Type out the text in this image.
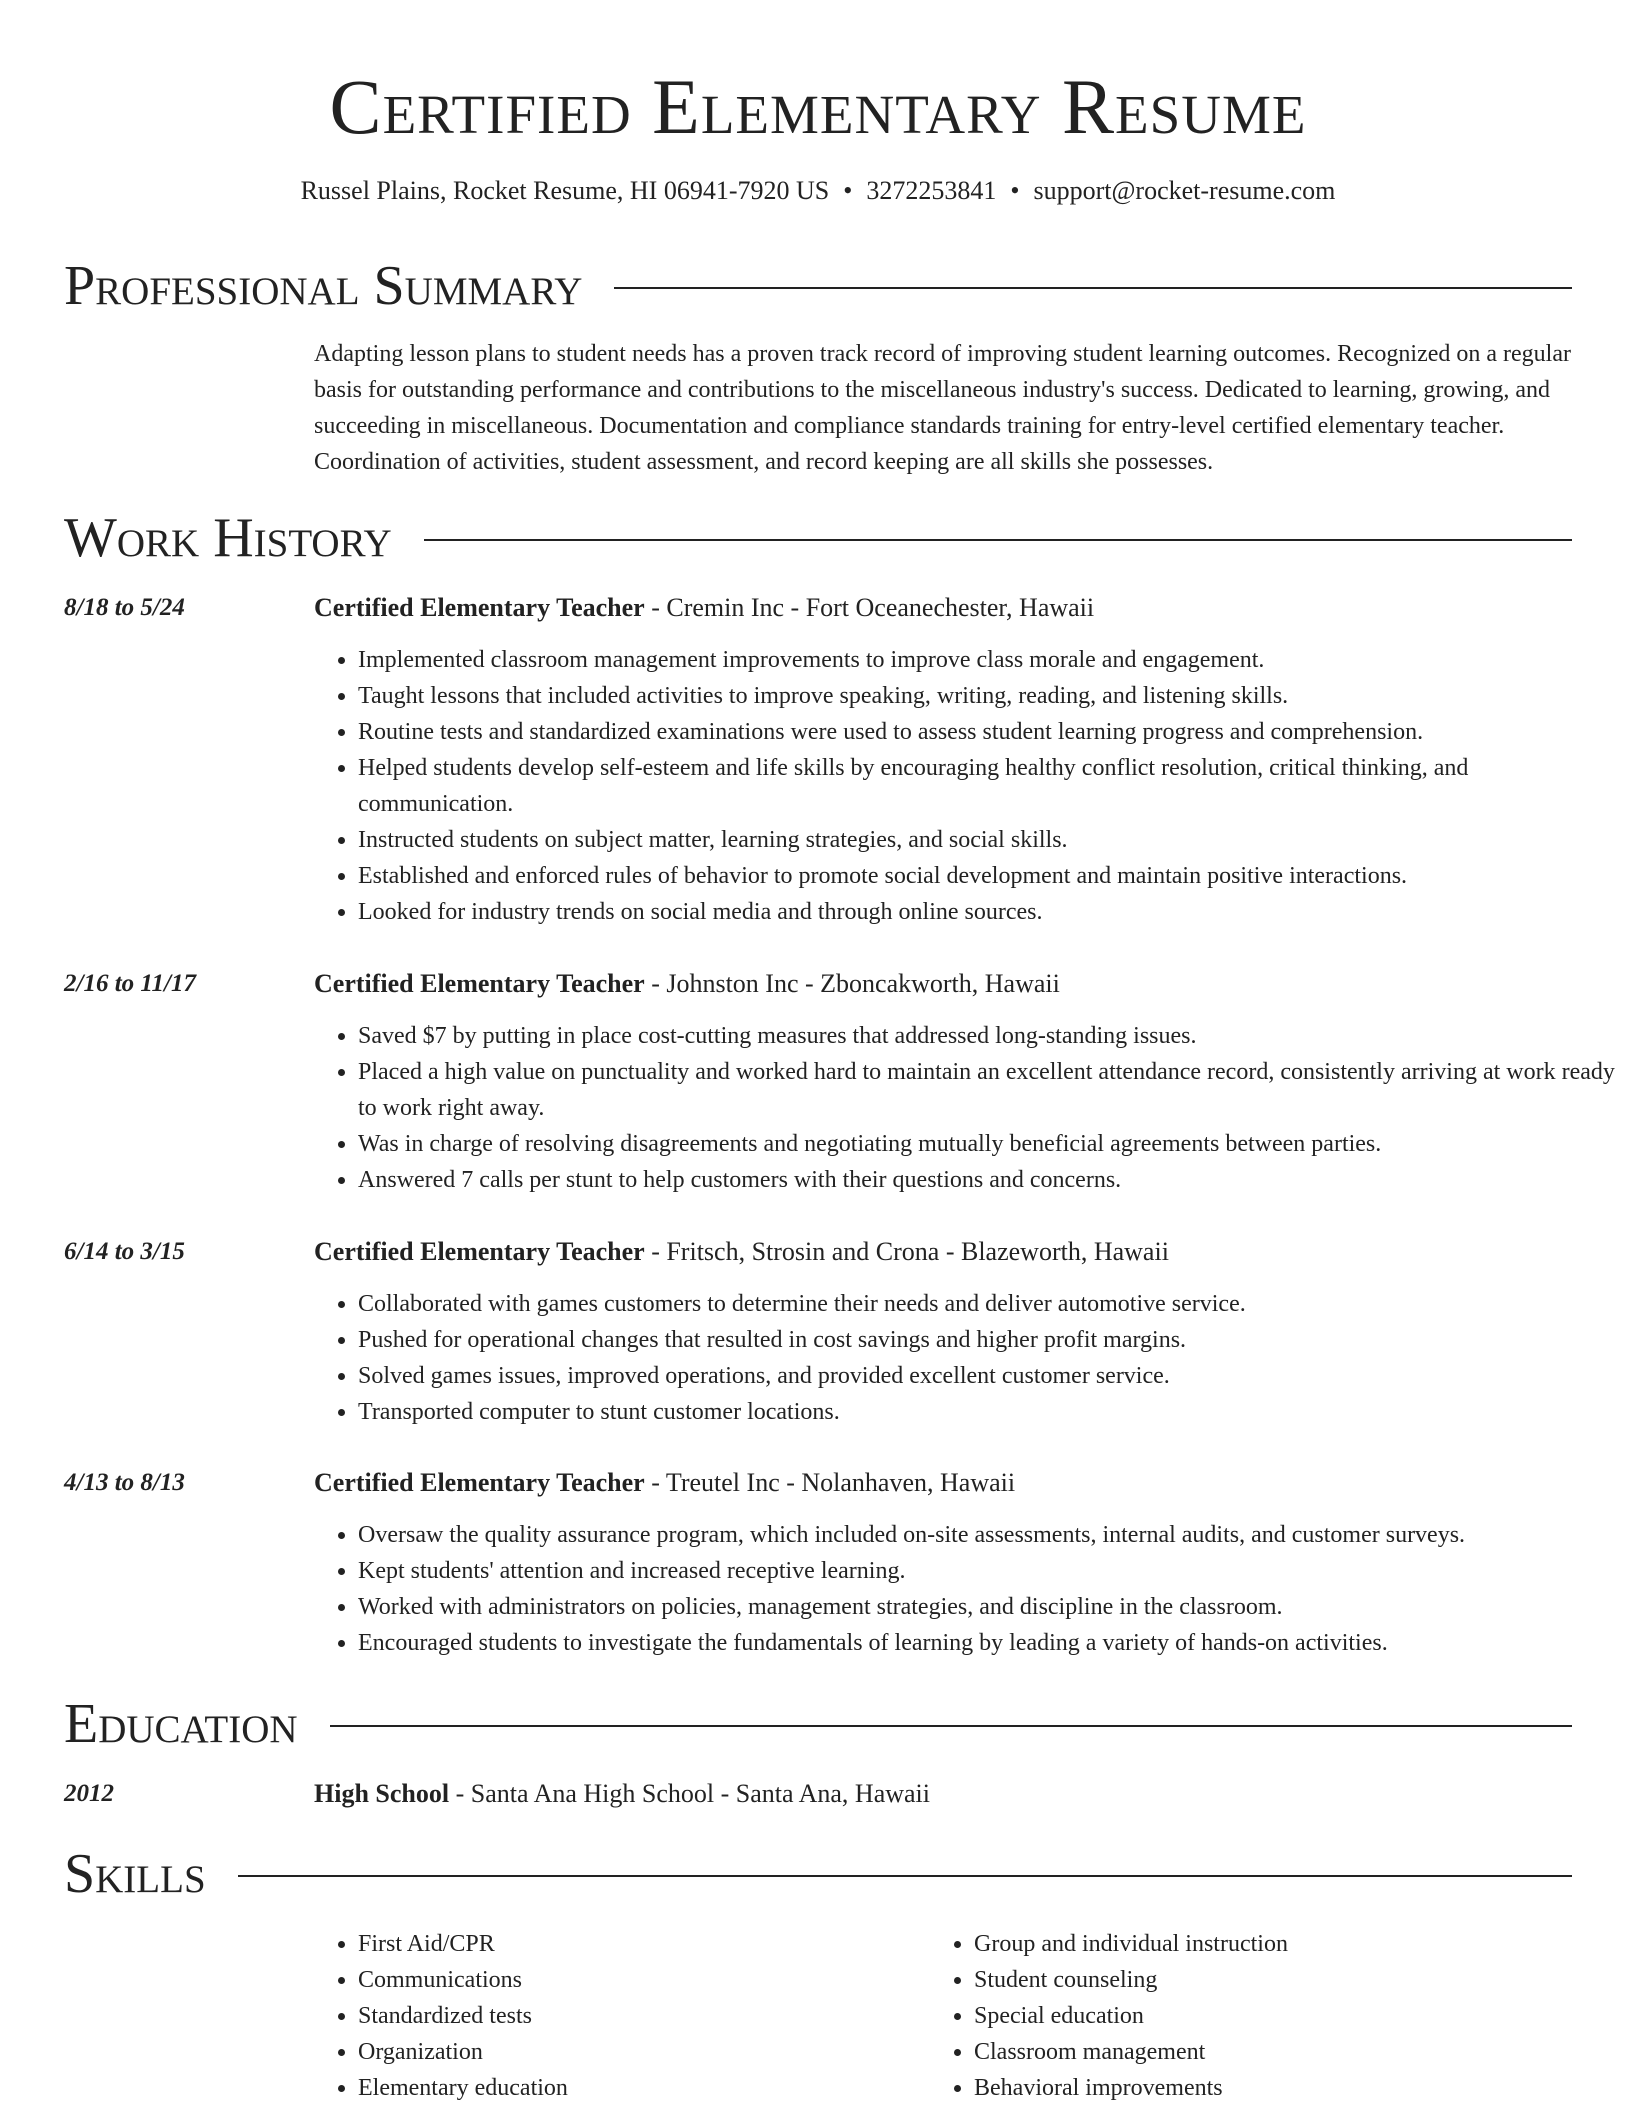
Certified Elementary Resume
Russel Plains, Rocket Resume, HI 06941-7920 US • 3272253841 • support@rocket-resume.com
Professional Summary

Adapting lesson plans to student needs has a proven track record of improving student learning outcomes. Recognized on a regular basis for outstanding performance and contributions to the miscellaneous industry's success. Dedicated to learning, growing, and succeeding in miscellaneous. Documentation and compliance standards training for entry-level certified elementary teacher. Coordination of activities, student assessment, and record keeping are all skills she possesses.

Work History
8/18 to 5/24	Certified Elementary Teacher - Cremin Inc - Fort Oceanechester, Hawaii
• Implemented classroom management improvements to improve class morale and engagement.
• Taught lessons that included activities to improve speaking, writing, reading, and listening skills.
• Routine tests and standardized examinations were used to assess student learning progress and comprehension.
• Helped students develop self-esteem and life skills by encouraging healthy conflict resolution, critical thinking, and communication.
• Instructed students on subject matter, learning strategies, and social skills.
• Established and enforced rules of behavior to promote social development and maintain positive interactions.
• Looked for industry trends on social media and through online sources.
2/16 to 11/17	Certified Elementary Teacher - Johnston Inc - Zboncakworth, Hawaii
• Saved $7 by putting in place cost-cutting measures that addressed long-standing issues.
• Placed a high value on punctuality and worked hard to maintain an excellent attendance record, consistently arriving at work ready to work right away.
• Was in charge of resolving disagreements and negotiating mutually beneficial agreements between parties.
• Answered 7 calls per stunt to help customers with their questions and concerns.
6/14 to 3/15	Certified Elementary Teacher - Fritsch, Strosin and Crona - Blazeworth, Hawaii
• Collaborated with games customers to determine their needs and deliver automotive service.
• Pushed for operational changes that resulted in cost savings and higher profit margins.
• Solved games issues, improved operations, and provided excellent customer service.
• Transported computer to stunt customer locations.
4/13 to 8/13	Certified Elementary Teacher - Treutel Inc - Nolanhaven, Hawaii
• Oversaw the quality assurance program, which included on-site assessments, internal audits, and customer surveys.
• Kept students' attention and increased receptive learning.
• Worked with administrators on policies, management strategies, and discipline in the classroom.
• Encouraged students to investigate the fundamentals of learning by leading a variety of hands-on activities.
Education
2012	High School - Santa Ana High School - Santa Ana, Hawaii
Skills
• First Aid/CPR
• Communications
• Standardized tests
• Organization
• Elementary education
• Group and individual instruction
• Student counseling
• Special education
• Classroom management
• Behavioral improvements
